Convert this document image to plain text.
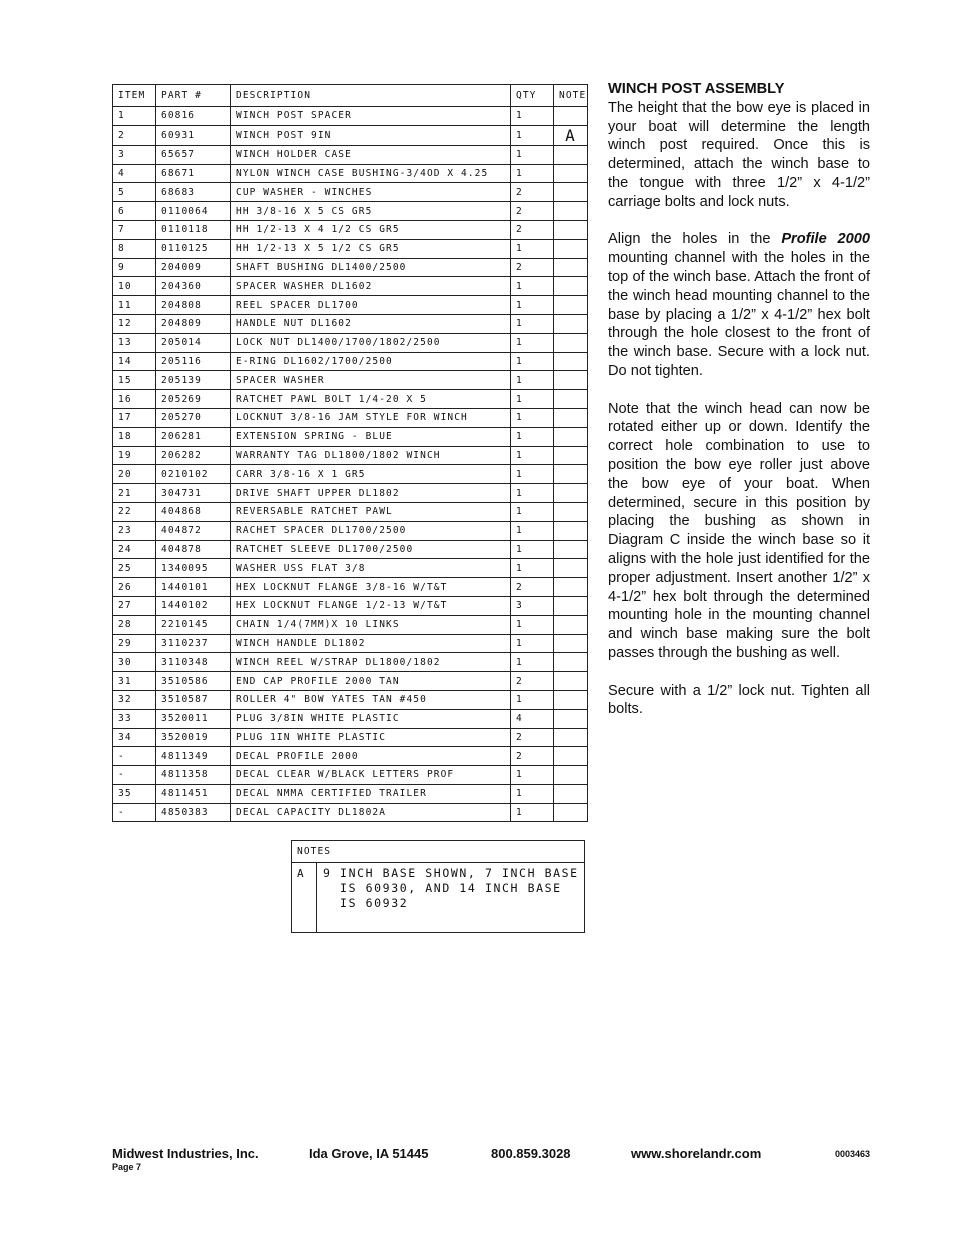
ITEM	PART #	DESCRIPTION	QTY	NOTE
1	60816	WINCH POST SPACER	1	
2	60931	WINCH POST 9IN	1	A
3	65657	WINCH HOLDER CASE	1	
4	68671	NYLON WINCH CASE BUSHING-3/4OD X 4.25	1	
5	68683	CUP WASHER - WINCHES	2	
6	0110064	HH 3/8-16 X 5 CS GR5	2	
7	0110118	HH 1/2-13 X 4 1/2 CS GR5	2	
8	0110125	HH 1/2-13 X 5 1/2 CS GR5	1	
9	204009	SHAFT BUSHING DL1400/2500	2	
10	204360	SPACER WASHER DL1602	1	
11	204808	REEL SPACER DL1700	1	
12	204809	HANDLE NUT DL1602	1	
13	205014	LOCK NUT DL1400/1700/1802/2500	1	
14	205116	E-RING DL1602/1700/2500	1	
15	205139	SPACER WASHER	1	
16	205269	RATCHET PAWL BOLT 1/4-20 X 5	1	
17	205270	LOCKNUT 3/8-16 JAM STYLE FOR WINCH	1	
18	206281	EXTENSION SPRING - BLUE	1	
19	206282	WARRANTY TAG DL1800/1802 WINCH	1	
20	0210102	CARR 3/8-16 X 1 GR5	1	
21	304731	DRIVE SHAFT UPPER DL1802	1	
22	404868	REVERSABLE RATCHET PAWL	1	
23	404872	RACHET SPACER DL1700/2500	1	
24	404878	RATCHET SLEEVE DL1700/2500	1	
25	1340095	WASHER USS FLAT 3/8	1	
26	1440101	HEX LOCKNUT FLANGE 3/8-16 W/T&T	2	
27	1440102	HEX LOCKNUT FLANGE 1/2-13 W/T&T	3	
28	2210145	CHAIN 1/4(7MM)X 10 LINKS	1	
29	3110237	WINCH HANDLE DL1802	1	
30	3110348	WINCH REEL W/STRAP DL1800/1802	1	
31	3510586	END CAP PROFILE 2000 TAN	2	
32	3510587	ROLLER 4" BOW YATES TAN #450	1	
33	3520011	PLUG 3/8IN WHITE PLASTIC	4	
34	3520019	PLUG 1IN WHITE PLASTIC	2	
-	4811349	DECAL PROFILE 2000	2	
-	4811358	DECAL CLEAR W/BLACK LETTERS PROF	1	
35	4811451	DECAL NMMA CERTIFIED TRAILER	1	
-	4850383	DECAL CAPACITY DL1802A	1	
NOTES
A	9 INCH BASE SHOWN, 7 INCH BASE
IS 60930, AND 14 INCH BASE
IS 60932
WINCH POST ASSEMBLY

The height that the bow eye is placed in your boat will determine the length winch post required. Once this is determined, attach the winch base to the tongue with three 1/2” x 4-1/2” carriage bolts and lock nuts.

Align the holes in the Profile 2000 mounting channel with the holes in the top of the winch base. Attach the front of the winch head mounting channel to the base by placing a 1/2” x 4-1/2” hex bolt through the hole closest to the front of the winch base. Secure with a lock nut. Do not tighten.

Note that the winch head can now be rotated either up or down. Identify the correct hole combination to use to position the bow eye roller just above the bow eye of your boat. When determined, secure in this position by placing the bushing as shown in Diagram C inside the winch base so it aligns with the hole just identified for the proper adjustment. Insert another 1/2” x 4-1/2” hex bolt through the determined mounting hole in the mounting channel and winch base making sure the bolt passes through the bushing as well.

Secure with a 1/2” lock nut. Tighten all bolts.

Midwest Industries, Inc.	Ida Grove, IA 51445	800.859.3028	www.shorelandr.com	0003463
Page 7
